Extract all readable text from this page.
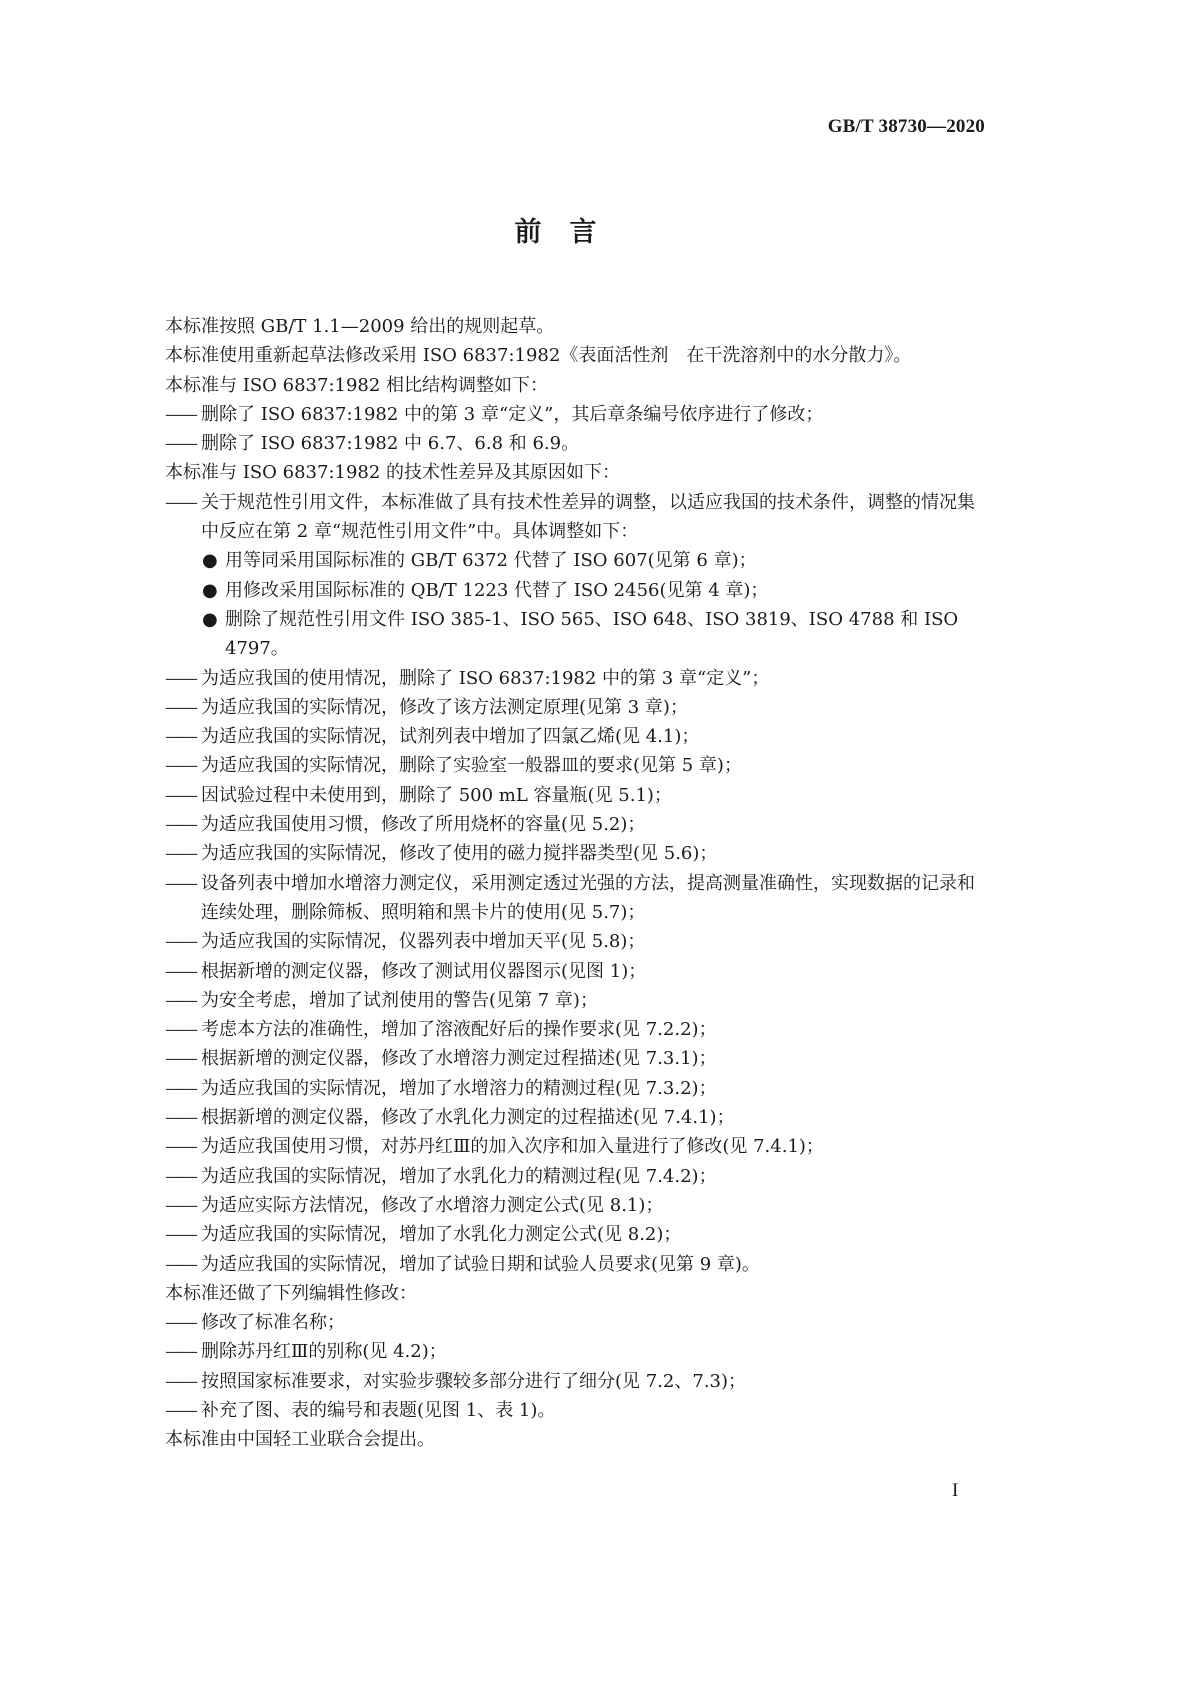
GB/T 38730—2020
前 言
本标准按照 GB/T 1.1—2009 给出的规则起草。
本标准使用重新起草法修改采用 ISO 6837:1982《表面活性剂　在干洗溶剂中的水分散力》。
本标准与 ISO 6837:1982 相比结构调整如下：
—— 删除了 ISO 6837:1982 中的第 3 章“定义”，其后章条编号依序进行了修改；
—— 删除了 ISO 6837:1982 中 6.7、6.8 和 6.9。
本标准与 ISO 6837:1982 的技术性差异及其原因如下：
—— 关于规范性引用文件，本标准做了具有技术性差异的调整，以适应我国的技术条件，调整的情况集中反应在第 2 章“规范性引用文件”中。具体调整如下：
● 用等同采用国际标准的 GB/T 6372 代替了 ISO 607(见第 6 章)；
● 用修改采用国际标准的 QB/T 1223 代替了 ISO 2456(见第 4 章)；
● 删除了规范性引用文件 ISO 385-1、ISO 565、ISO 648、ISO 3819、ISO 4788 和 ISO 4797。
—— 为适应我国的使用情况，删除了 ISO 6837:1982 中的第 3 章“定义”；
—— 为适应我国的实际情况，修改了该方法测定原理(见第 3 章)；
—— 为适应我国的实际情况，试剂列表中增加了四氯乙烯(见 4.1)；
—— 为适应我国的实际情况，删除了实验室一般器皿的要求(见第 5 章)；
—— 因试验过程中未使用到，删除了 500 mL 容量瓶(见 5.1)；
—— 为适应我国使用习惯，修改了所用烧杯的容量(见 5.2)；
—— 为适应我国的实际情况，修改了使用的磁力搅拌器类型(见 5.6)；
—— 设备列表中增加水增溶力测定仪，采用测定透过光强的方法，提高测量准确性，实现数据的记录和连续处理，删除筛板、照明箱和黑卡片的使用(见 5.7)；
—— 为适应我国的实际情况，仪器列表中增加天平(见 5.8)；
—— 根据新增的测定仪器，修改了测试用仪器图示(见图 1)；
—— 为安全考虑，增加了试剂使用的警告(见第 7 章)；
—— 考虑本方法的准确性，增加了溶液配好后的操作要求(见 7.2.2)；
—— 根据新增的测定仪器，修改了水增溶力测定过程描述(见 7.3.1)；
—— 为适应我国的实际情况，增加了水增溶力的精测过程(见 7.3.2)；
—— 根据新增的测定仪器，修改了水乳化力测定的过程描述(见 7.4.1)；
—— 为适应我国使用习惯，对苏丹红Ⅲ的加入次序和加入量进行了修改(见 7.4.1)；
—— 为适应我国的实际情况，增加了水乳化力的精测过程(见 7.4.2)；
—— 为适应实际方法情况，修改了水增溶力测定公式(见 8.1)；
—— 为适应我国的实际情况，增加了水乳化力测定公式(见 8.2)；
—— 为适应我国的实际情况，增加了试验日期和试验人员要求(见第 9 章)。
本标准还做了下列编辑性修改：
—— 修改了标准名称；
—— 删除苏丹红Ⅲ的别称(见 4.2)；
—— 按照国家标准要求，对实验步骤较多部分进行了细分(见 7.2、7.3)；
—— 补充了图、表的编号和表题(见图 1、表 1)。
本标准由中国轻工业联合会提出。
I
